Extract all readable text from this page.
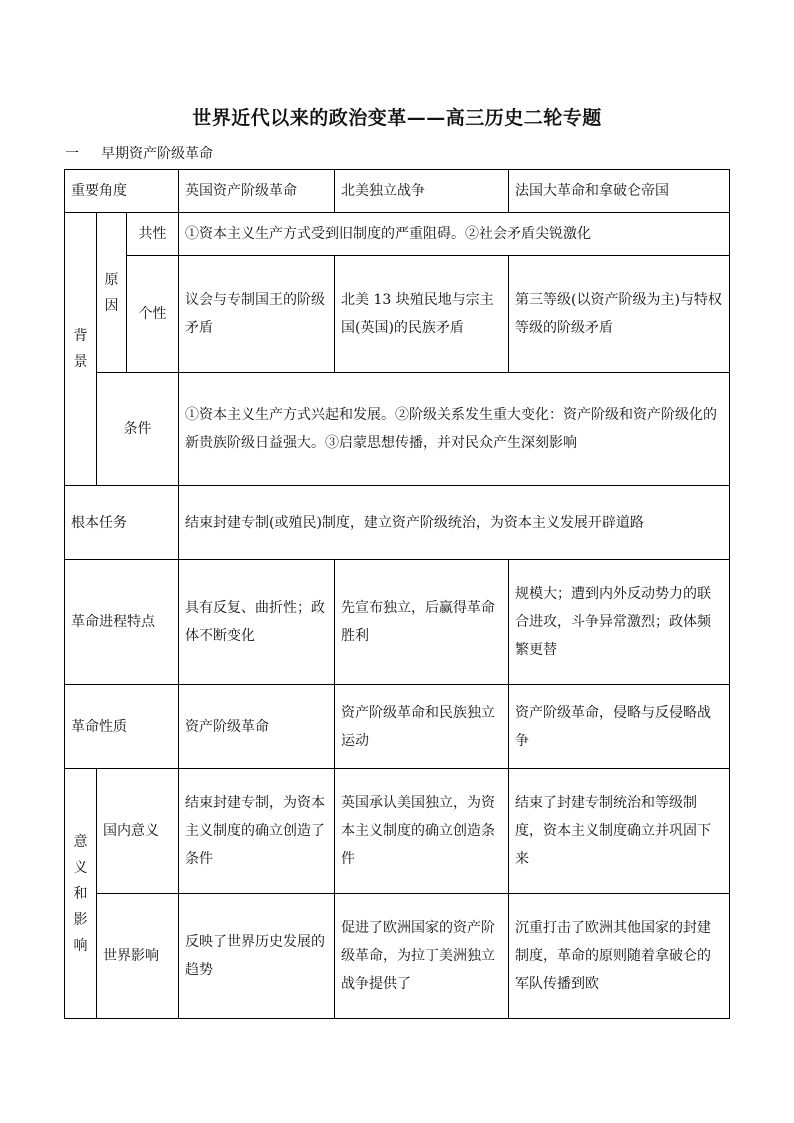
世界近代以来的政治变革——高三历史二轮专题
一 早期资产阶级革命
重要角度			英国资产阶级革命	北美独立战争	法国大革命和拿破仑帝国
背景	原因	共性	①资本主义生产方式受到旧制度的严重阻碍。②社会矛盾尖锐激化		
		个性	议会与专制国王的阶级矛盾	北美 13 块殖民地与宗主国(英国)的民族矛盾	第三等级(以资产阶级为主)与特权等级的阶级矛盾
	条件		①资本主义生产方式兴起和发展。②阶级关系发生重大变化：资产阶级和资产阶级化的新贵族阶级日益强大。③启蒙思想传播，并对民众产生深刻影响		
根本任务			结束封建专制(或殖民)制度，建立资产阶级统治，为资本主义发展开辟道路		
革命进程特点			具有反复、曲折性；政体不断变化	先宣布独立，后赢得革命胜利	规模大；遭到内外反动势力的联合进攻，斗争异常激烈；政体频繁更替
革命性质			资产阶级革命	资产阶级革命和民族独立运动	资产阶级革命，侵略与反侵略战争
意义和影响	国内意义		结束封建专制，为资本主义制度的确立创造了条件	英国承认美国独立，为资本主义制度的确立创造条件	结束了封建专制统治和等级制度，资本主义制度确立并巩固下来
	世界影响		反映了世界历史发展的趋势	促进了欧洲国家的资产阶级革命，为拉丁美洲独立战争提供了	沉重打击了欧洲其他国家的封建制度，革命的原则随着拿破仑的军队传播到欧
